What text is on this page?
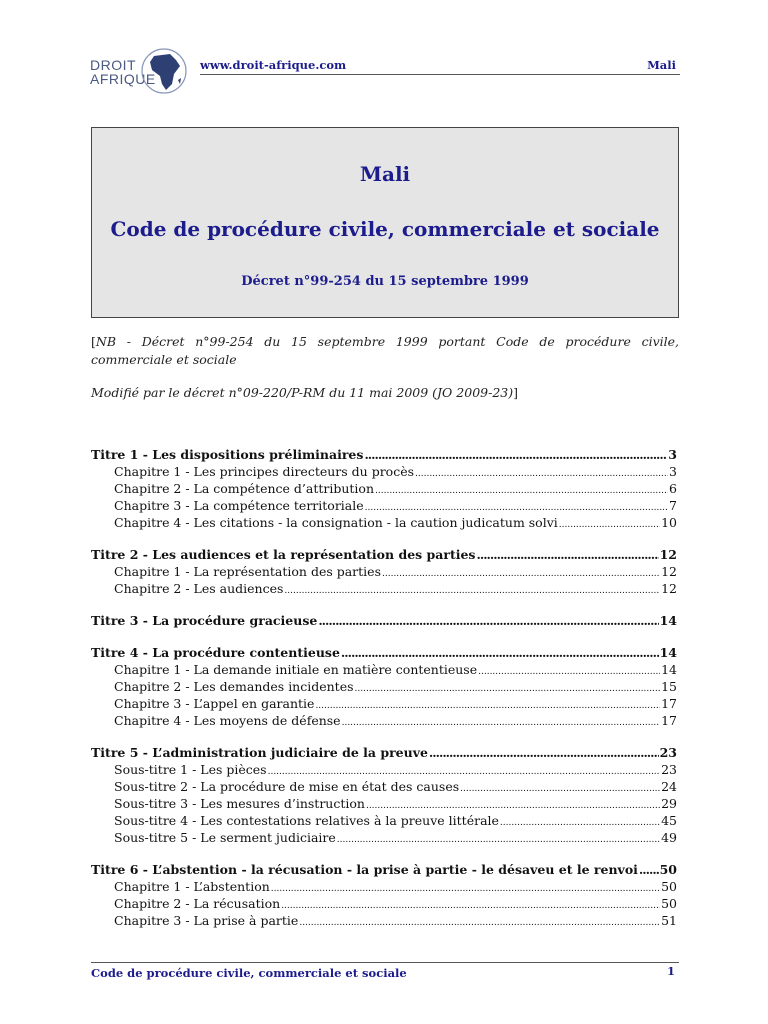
DROIT
AFRIQUE
www.droit-afrique.com	Mali
Mali
Code de procédure civile, commerciale et sociale
Décret n°99-254 du 15 septembre 1999
[NB - Décret n°99-254 du 15 septembre 1999 portant Code de procédure civile, commerciale et sociale
Modifié par le décret n°09-220/P-RM du 11 mai 2009 (JO 2009-23)]
Titre 1 - Les dispositions préliminaires .....	3
Chapitre 1 - Les principes directeurs du procès .....	3
Chapitre 2 - La compétence d’attribution .....	6
Chapitre 3 - La compétence territoriale .....	7
Chapitre 4 - Les citations - la consignation - la caution judicatum solvi .....	10
Titre 2 - Les audiences et la représentation des parties .....	12
Chapitre 1 - La représentation des parties .....	12
Chapitre 2 - Les audiences .....	12
Titre 3 - La procédure gracieuse .....	14
Titre 4 - La procédure contentieuse .....	14
Chapitre 1 - La demande initiale en matière contentieuse .....	14
Chapitre 2 - Les demandes incidentes .....	15
Chapitre 3 - L’appel en garantie .....	17
Chapitre 4 - Les moyens de défense .....	17
Titre 5 - L’administration judiciaire de la preuve .....	23
Sous-titre 1 - Les pièces .....	23
Sous-titre 2 - La procédure de mise en état des causes .....	24
Sous-titre 3 - Les mesures d’instruction .....	29
Sous-titre 4 - Les contestations relatives à la preuve littérale .....	45
Sous-titre 5 - Le serment judiciaire .....	49
Titre 6 - L’abstention - la récusation - la prise à partie - le désaveu et le renvoi ..... 50
Chapitre 1 - L’abstention .....	50
Chapitre 2 - La récusation .....	50
Chapitre 3 - La prise à partie .....	51
Code de procédure civile, commerciale et sociale	1
